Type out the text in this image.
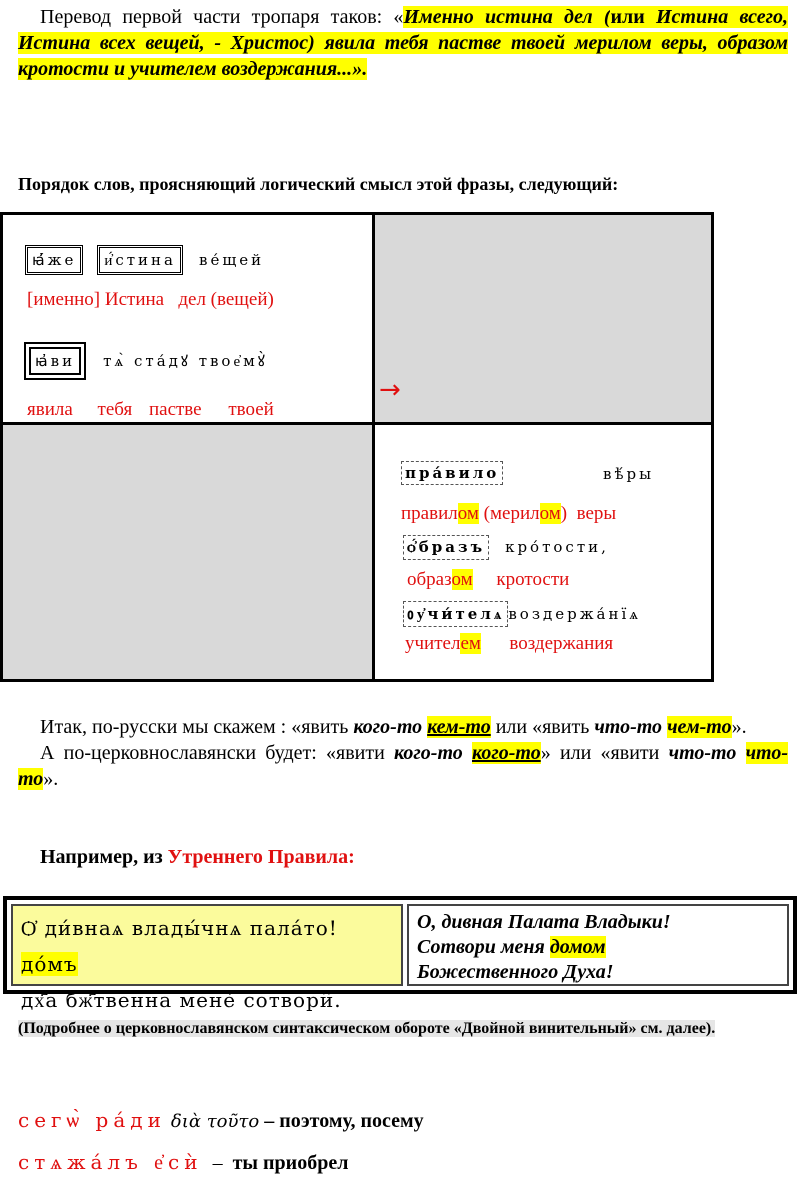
Перевод первой части тропаря таков: «Именно истина дел (или Истина всего, Истина всех вещей, - Христос) явила тебя пастве твоей мерилом веры, образом кротости и учителем воздержания...».

Порядок слов, проясняющий логический смысл этой фразы, следующий:
ꙗ҆́же и҆́стина ве́щей
[именно] Истина   дел (вещей)
ꙗ҆ви тѧ̀ ста́дꙋ твое҆мꙋ̀
явила тебя пастве твоей
→
пра́вило	вѣ́ры
правилом (мерилом)  веры
ѻ҆́бразъ кро́тости,
образом     кротости
ᲂу҆чи́телѧ воздержа́нїѧ
учителем      воздержания

Итак, по-русски мы скажем : «явить кого-то кем-то или «явить что-то чем-то».

А по-церковнославянски будет: «явити кого-то кого-то» или «явити что-то что-то».

Например, из Утреннего Правила:
Ѻ҆ ди́внаѧ влады́чнѧ пала́то! до́мъ
дх҃а бж҃твенна менѐ сотвори̑.
О, дивная Палата Владыки!
Сотвори меня домом
Божественного Духа!
(Подробнее о церковнославянском синтаксическом обороте «Двойной винительный» см. далее).
сегѡ̀ ра́ди διὰ τοῦτο – поэтому, посему
стѧжа́лъ е҆сѝ  –  ты приобрел
